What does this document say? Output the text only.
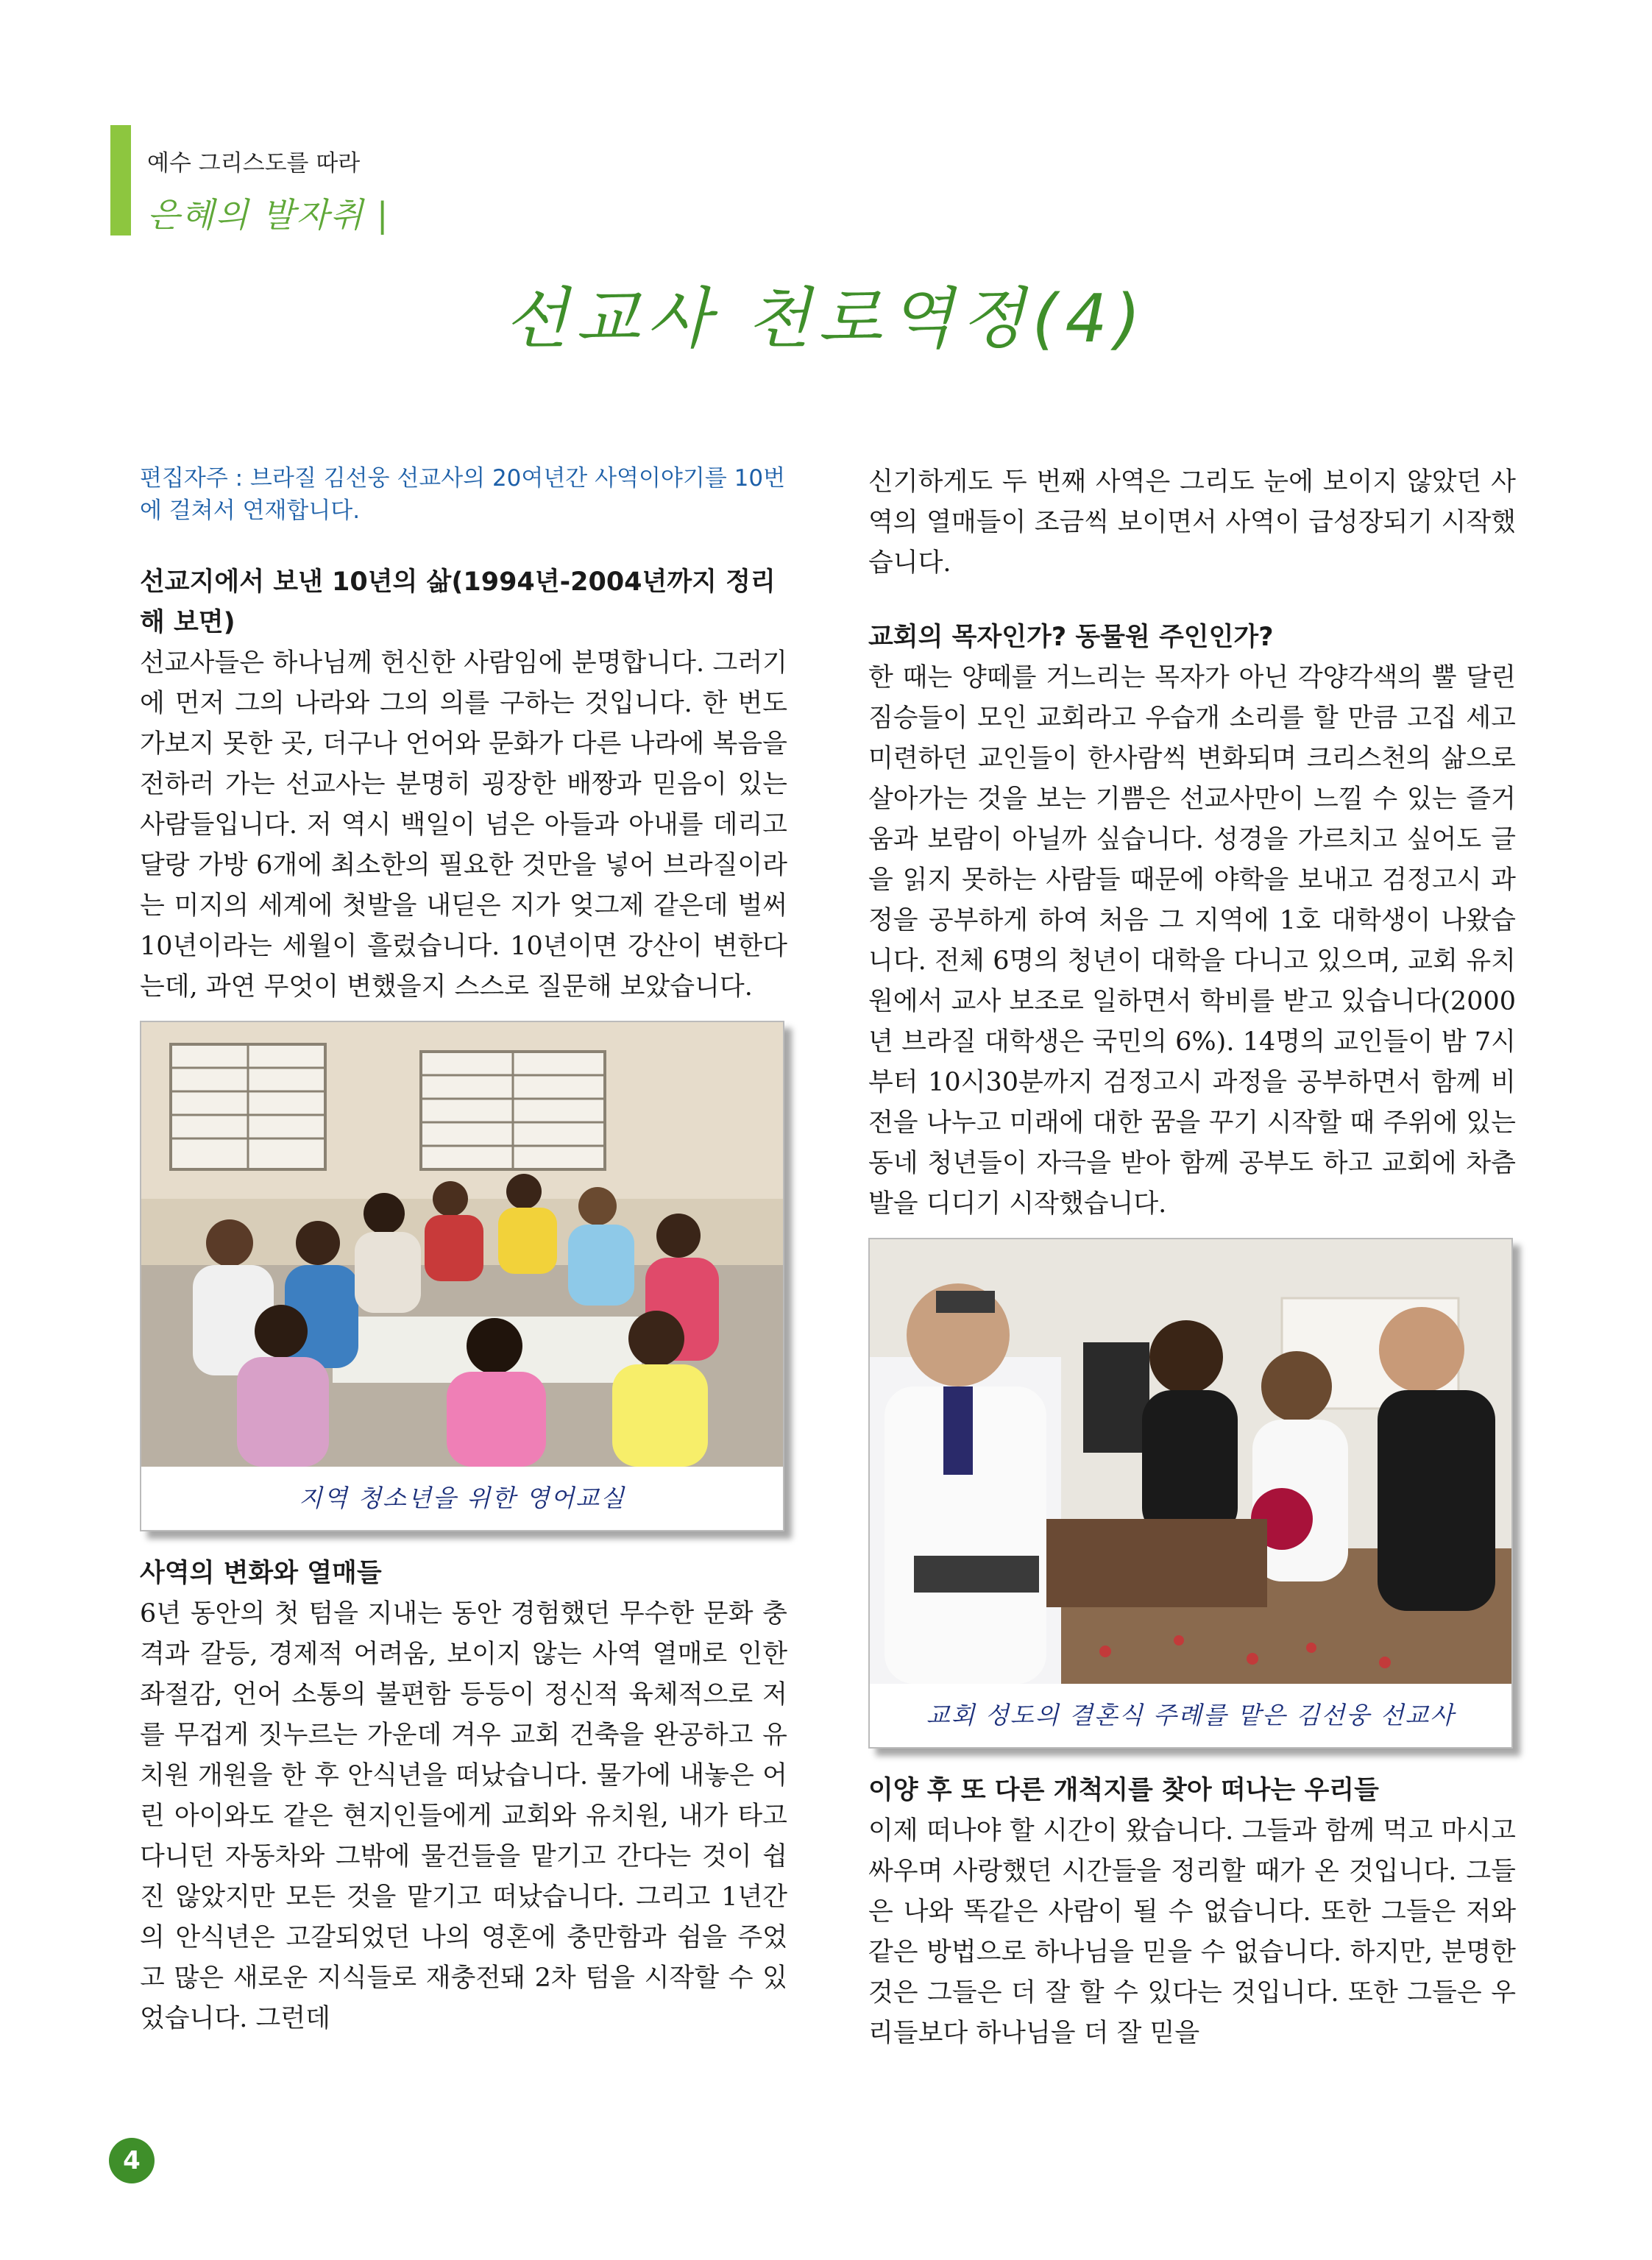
예수 그리스도를 따라
은혜의 발자취 |
선교사 천로역정(4)

편집자주 : 브라질 김선웅 선교사의 20여년간 사역이야기를 10번에 걸쳐서 연재합니다.

선교지에서 보낸 10년의 삶(1994년-2004년까지 정리해 보면)

선교사들은 하나님께 헌신한 사람임에 분명합니다. 그러기에 먼저 그의 나라와 그의 의를 구하는 것입니다. 한 번도 가보지 못한 곳, 더구나 언어와 문화가 다른 나라에 복음을 전하러 가는 선교사는 분명히 굉장한 배짱과 믿음이 있는 사람들입니다. 저 역시 백일이 넘은 아들과 아내를 데리고 달랑 가방 6개에 최소한의 필요한 것만을 넣어 브라질이라는 미지의 세계에 첫발을 내딛은 지가 엊그제 같은데 벌써 10년이라는 세월이 흘렀습니다. 10년이면 강산이 변한다는데, 과연 무엇이 변했을지 스스로 질문해 보았습니다.

지역 청소년을 위한 영어교실

사역의 변화와 열매들

6년 동안의 첫 텀을 지내는 동안 경험했던 무수한 문화 충격과 갈등, 경제적 어려움, 보이지 않는 사역 열매로 인한 좌절감, 언어 소통의 불편함 등등이 정신적 육체적으로 저를 무겁게 짓누르는 가운데 겨우 교회 건축을 완공하고 유치원 개원을 한 후 안식년을 떠났습니다. 물가에 내놓은 어린 아이와도 같은 현지인들에게 교회와 유치원, 내가 타고 다니던 자동차와 그밖에 물건들을 맡기고 간다는 것이 쉽진 않았지만 모든 것을 맡기고 떠났습니다. 그리고 1년간의 안식년은 고갈되었던 나의 영혼에 충만함과 쉼을 주었고 많은 새로운 지식들로 재충전돼 2차 텀을 시작할 수 있었습니다. 그런데

신기하게도 두 번째 사역은 그리도 눈에 보이지 않았던 사역의 열매들이 조금씩 보이면서 사역이 급성장되기 시작했습니다.

교회의 목자인가? 동물원 주인인가?

한 때는 양떼를 거느리는 목자가 아닌 각양각색의 뿔 달린 짐승들이 모인 교회라고 우습개 소리를 할 만큼 고집 세고 미련하던 교인들이 한사람씩 변화되며 크리스천의 삶으로 살아가는 것을 보는 기쁨은 선교사만이 느낄 수 있는 즐거움과 보람이 아닐까 싶습니다. 성경을 가르치고 싶어도 글을 읽지 못하는 사람들 때문에 야학을 보내고 검정고시 과정을 공부하게 하여 처음 그 지역에 1호 대학생이 나왔습니다. 전체 6명의 청년이 대학을 다니고 있으며, 교회 유치원에서 교사 보조로 일하면서 학비를 받고 있습니다(2000년 브라질 대학생은 국민의 6%). 14명의 교인들이 밤 7시부터 10시30분까지 검정고시 과정을 공부하면서 함께 비전을 나누고 미래에 대한 꿈을 꾸기 시작할 때 주위에 있는 동네 청년들이 자극을 받아 함께 공부도 하고 교회에 차츰 발을 디디기 시작했습니다.

교회 성도의 결혼식 주례를 맡은 김선웅 선교사

이양 후 또 다른 개척지를 찾아 떠나는 우리들

이제 떠나야 할 시간이 왔습니다. 그들과 함께 먹고 마시고 싸우며 사랑했던 시간들을 정리할 때가 온 것입니다. 그들은 나와 똑같은 사람이 될 수 없습니다. 또한 그들은 저와 같은 방법으로 하나님을 믿을 수 없습니다. 하지만, 분명한 것은 그들은 더 잘 할 수 있다는 것입니다. 또한 그들은 우리들보다 하나님을 더 잘 믿을

4
